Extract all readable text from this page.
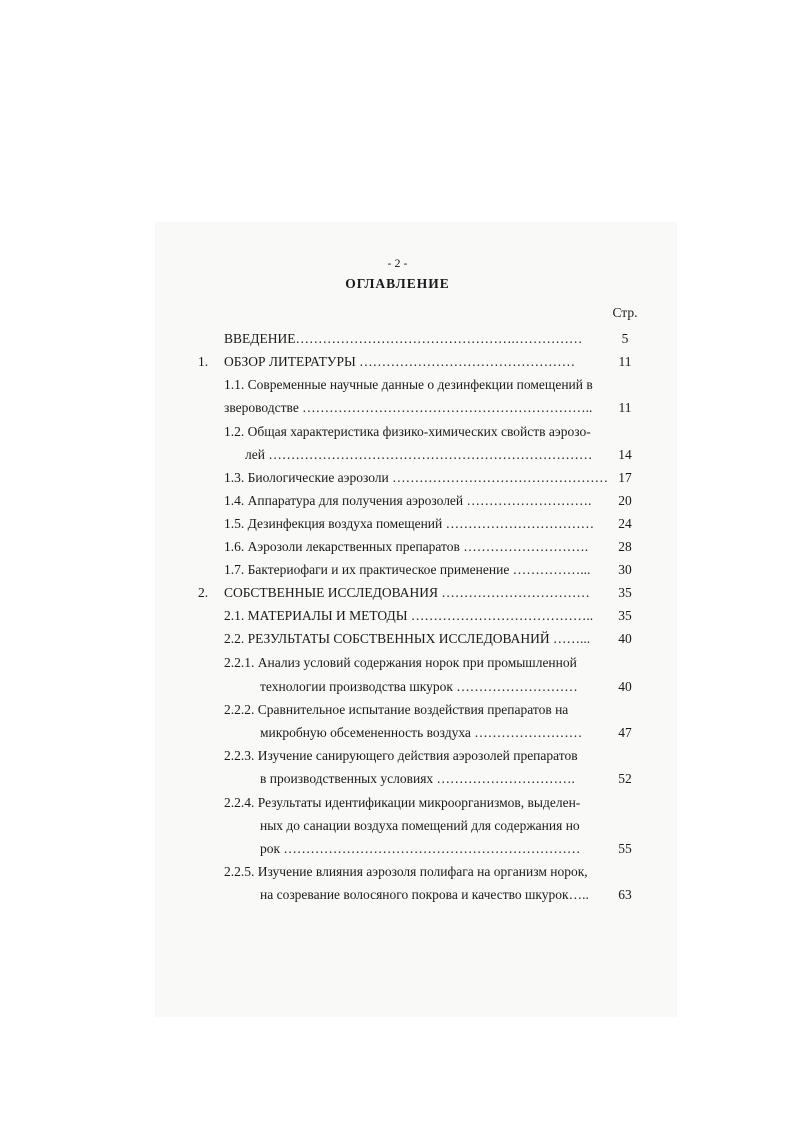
- 2 -
ОГЛАВЛЕНИЕ
Стр.
ВВЕДЕНИЕ………………………………………….……………	5
1. ОБЗОР ЛИТЕРАТУРЫ …………………………………………	11
1.1. Современные научные данные о дезинфекции помещений в
звероводстве ………………………………………………………..	11
1.2. Общая характеристика физико-химических свойств аэрозо-
лей ………………………………………………………………	14
1.3. Биологические аэрозоли ………………………………………… 17
1.4. Аппаратура для получения аэрозолей ……………………….	20
1.5. Дезинфекция воздуха помещений ……………………………	24
1.6. Аэрозоли лекарственных препаратов ……………………….	28
1.7. Бактериофаги и их практическое применение ……………...	30
2. СОБСТВЕННЫЕ ИССЛЕДОВАНИЯ ……………………………	35
2.1. МАТЕРИАЛЫ И МЕТОДЫ …………………………………..	35
2.2. РЕЗУЛЬТАТЫ СОБСТВЕННЫХ ИССЛЕДОВАНИЙ ……...	40
2.2.1. Анализ условий содержания норок при промышленной
технологии производства шкурок ………………………	40
2.2.2. Сравнительное испытание воздействия препаратов на
микробную обсемененность воздуха ……………………	47
2.2.3. Изучение санирующего действия аэрозолей препаратов
в производственных условиях ………………………….	52
2.2.4. Результаты идентификации микроорганизмов, выделен-
ных до санации воздуха помещений для содержания но
рок …………………………………………………………	55
2.2.5. Изучение влияния аэрозоля полифага на организм норок,
на созревание волосяного покрова и качество шкурок…..	63
